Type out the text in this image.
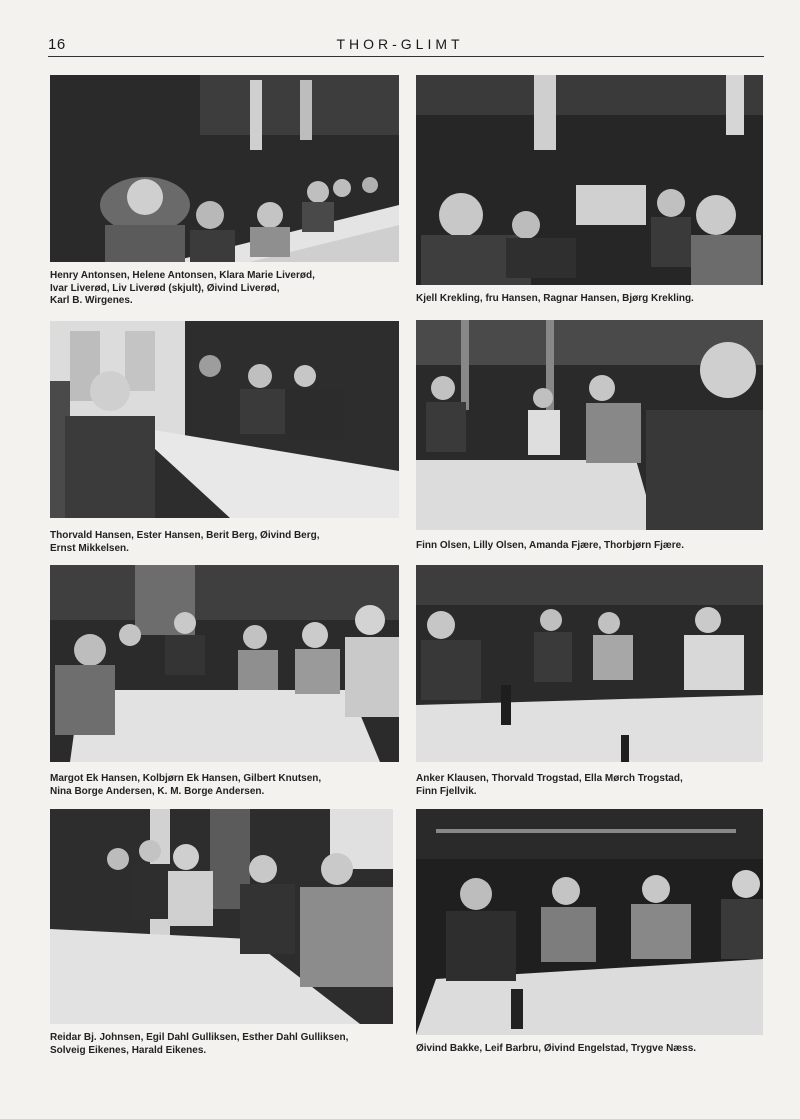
16	THOR-GLIMT
Henry Antonsen, Helene Antonsen, Klara Marie Liverød,
Ivar Liverød, Liv Liverød (skjult), Øivind Liverød,
Karl B. Wirgenes.	Kjell Krekling, fru Hansen, Ragnar Hansen, Bjørg Krekling.
Thorvald Hansen, Ester Hansen, Berit Berg, Øivind Berg,
Ernst Mikkelsen.	Finn Olsen, Lilly Olsen, Amanda Fjære, Thorbjørn Fjære.
Margot Ek Hansen, Kolbjørn Ek Hansen, Gilbert Knutsen,
Nina Borge Andersen, K. M. Borge Andersen.
Anker Klausen, Thorvald Trogstad, Ella Mørch Trogstad,
Finn Fjellvik.
Reidar Bj. Johnsen, Egil Dahl Gulliksen, Esther Dahl Gulliksen,
Solveig Eikenes, Harald Eikenes.	Øivind Bakke, Leif Barbru, Øivind Engelstad, Trygve Næss.
